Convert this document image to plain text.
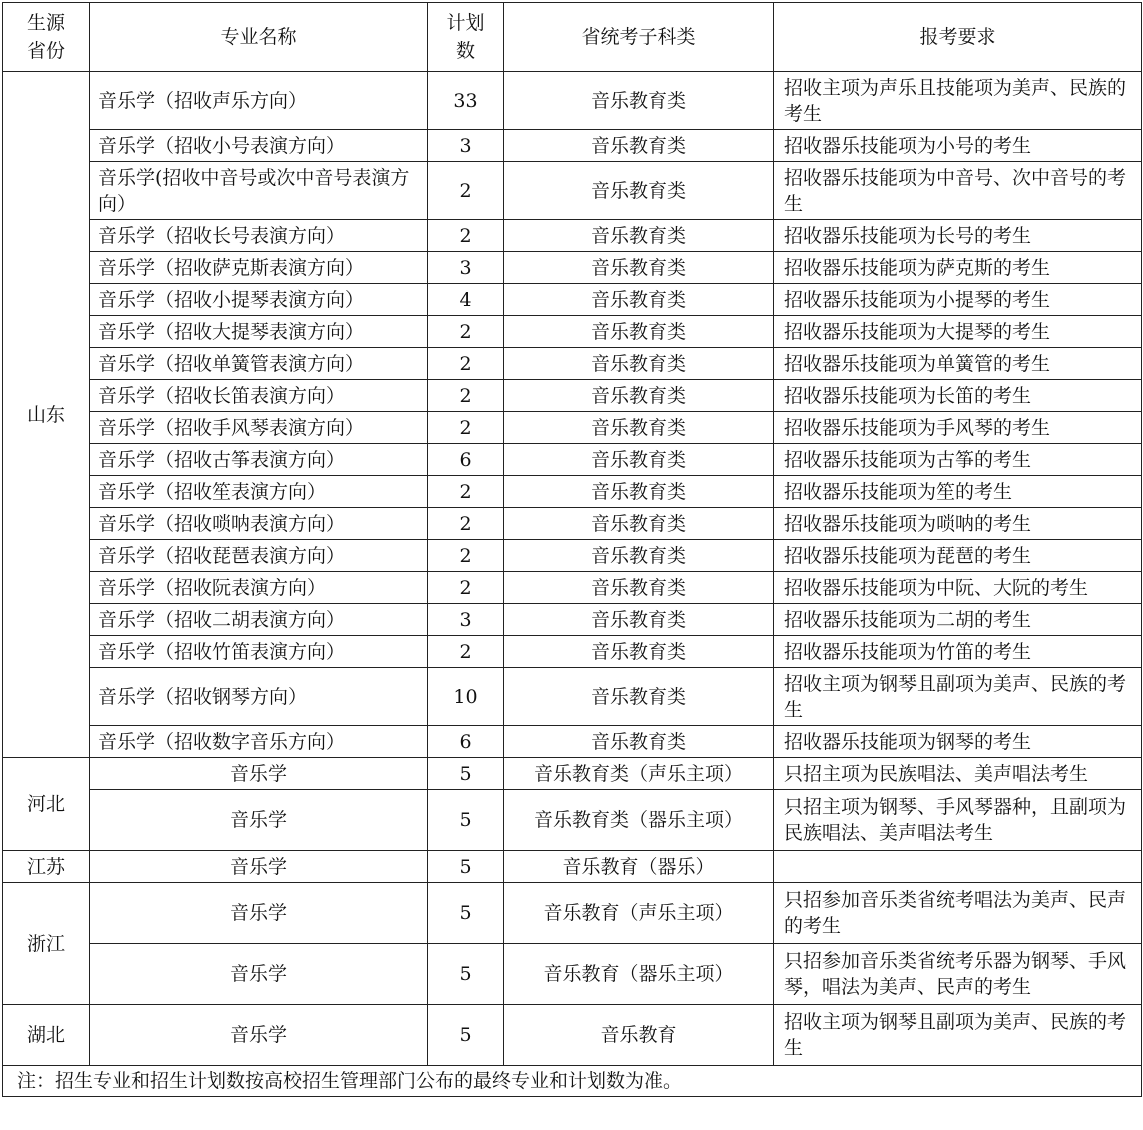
生源省份	专业名称	计划数	省统考子科类	报考要求
山东	音乐学（招收声乐方向）	33	音乐教育类	招收主项为声乐且技能项为美声、民族的考生
	音乐学（招收小号表演方向）	3	音乐教育类	招收器乐技能项为小号的考生
	音乐学(招收中音号或次中音号表演方向）	2	音乐教育类	招收器乐技能项为中音号、次中音号的考生
	音乐学（招收长号表演方向）	2	音乐教育类	招收器乐技能项为长号的考生
	音乐学（招收萨克斯表演方向）	3	音乐教育类	招收器乐技能项为萨克斯的考生
	音乐学（招收小提琴表演方向）	4	音乐教育类	招收器乐技能项为小提琴的考生
	音乐学（招收大提琴表演方向）	2	音乐教育类	招收器乐技能项为大提琴的考生
	音乐学（招收单簧管表演方向）	2	音乐教育类	招收器乐技能项为单簧管的考生
	音乐学（招收长笛表演方向）	2	音乐教育类	招收器乐技能项为长笛的考生
	音乐学（招收手风琴表演方向）	2	音乐教育类	招收器乐技能项为手风琴的考生
	音乐学（招收古筝表演方向）	6	音乐教育类	招收器乐技能项为古筝的考生
	音乐学（招收笙表演方向）	2	音乐教育类	招收器乐技能项为笙的考生
	音乐学（招收唢呐表演方向）	2	音乐教育类	招收器乐技能项为唢呐的考生
	音乐学（招收琵琶表演方向）	2	音乐教育类	招收器乐技能项为琵琶的考生
	音乐学（招收阮表演方向）	2	音乐教育类	招收器乐技能项为中阮、大阮的考生
	音乐学（招收二胡表演方向）	3	音乐教育类	招收器乐技能项为二胡的考生
	音乐学（招收竹笛表演方向）	2	音乐教育类	招收器乐技能项为竹笛的考生
	音乐学（招收钢琴方向）	10	音乐教育类	招收主项为钢琴且副项为美声、民族的考生
	音乐学（招收数字音乐方向）	6	音乐教育类	招收器乐技能项为钢琴的考生
河北	音乐学	5	音乐教育类（声乐主项）	只招主项为民族唱法、美声唱法考生
	音乐学	5	音乐教育类（器乐主项）	只招主项为钢琴、手风琴器种，且副项为民族唱法、美声唱法考生
江苏	音乐学	5	音乐教育（器乐）	
浙江	音乐学	5	音乐教育（声乐主项）	只招参加音乐类省统考唱法为美声、民声的考生
	音乐学	5	音乐教育（器乐主项）	只招参加音乐类省统考乐器为钢琴、手风琴，唱法为美声、民声的考生
湖北	音乐学	5	音乐教育	招收主项为钢琴且副项为美声、民族的考生
注：招生专业和招生计划数按高校招生管理部门公布的最终专业和计划数为准。				
